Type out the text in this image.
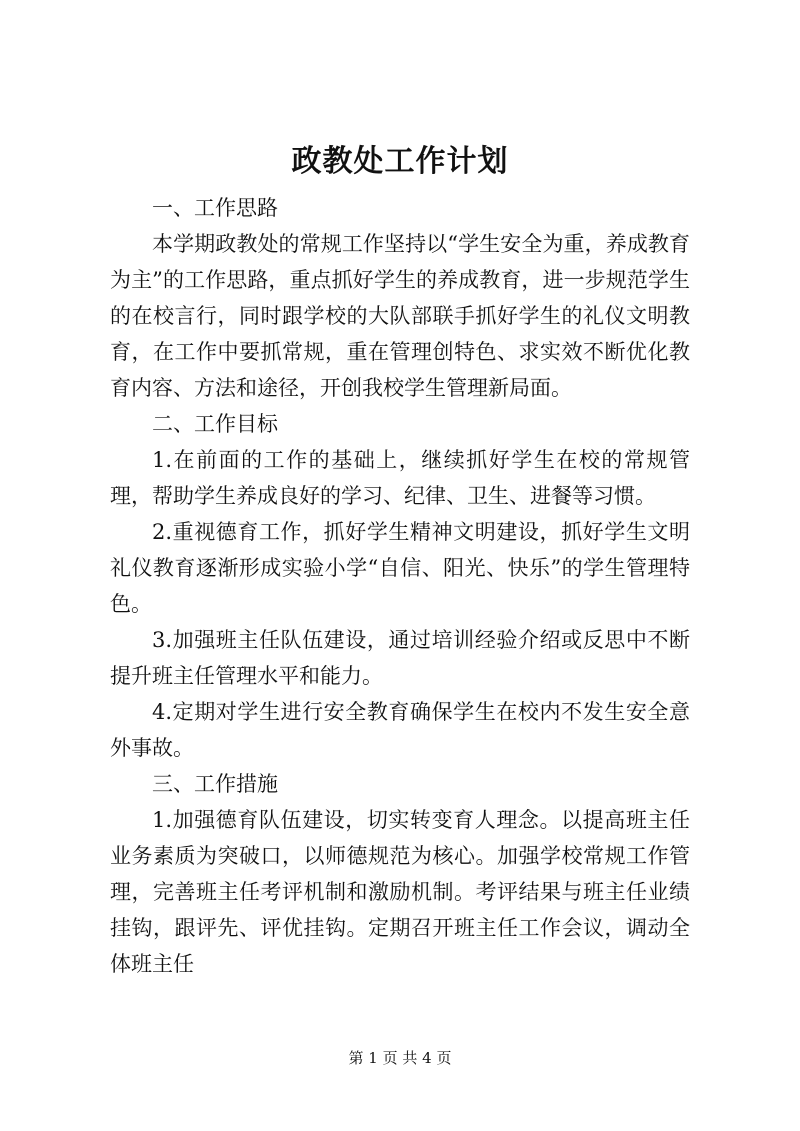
政教处工作计划

一、工作思路

本学期政教处的常规工作坚持以“学生安全为重，养成教育为主”的工作思路，重点抓好学生的养成教育，进一步规范学生的在校言行，同时跟学校的大队部联手抓好学生的礼仪文明教育，在工作中要抓常规，重在管理创特色、求实效不断优化教育内容、方法和途径，开创我校学生管理新局面。

二、工作目标

1.在前面的工作的基础上，继续抓好学生在校的常规管理，帮助学生养成良好的学习、纪律、卫生、进餐等习惯。

2.重视德育工作，抓好学生精神文明建设，抓好学生文明礼仪教育逐渐形成实验小学“自信、阳光、快乐”的学生管理特色。

3.加强班主任队伍建设，通过培训经验介绍或反思中不断提升班主任管理水平和能力。

4.定期对学生进行安全教育确保学生在校内不发生安全意外事故。

三、工作措施

1.加强德育队伍建设，切实转变育人理念。以提高班主任业务素质为突破口，以师德规范为核心。加强学校常规工作管理，完善班主任考评机制和激励机制。考评结果与班主任业绩挂钩，跟评先、评优挂钩。定期召开班主任工作会议，调动全体班主任

第 1 页 共 4 页
